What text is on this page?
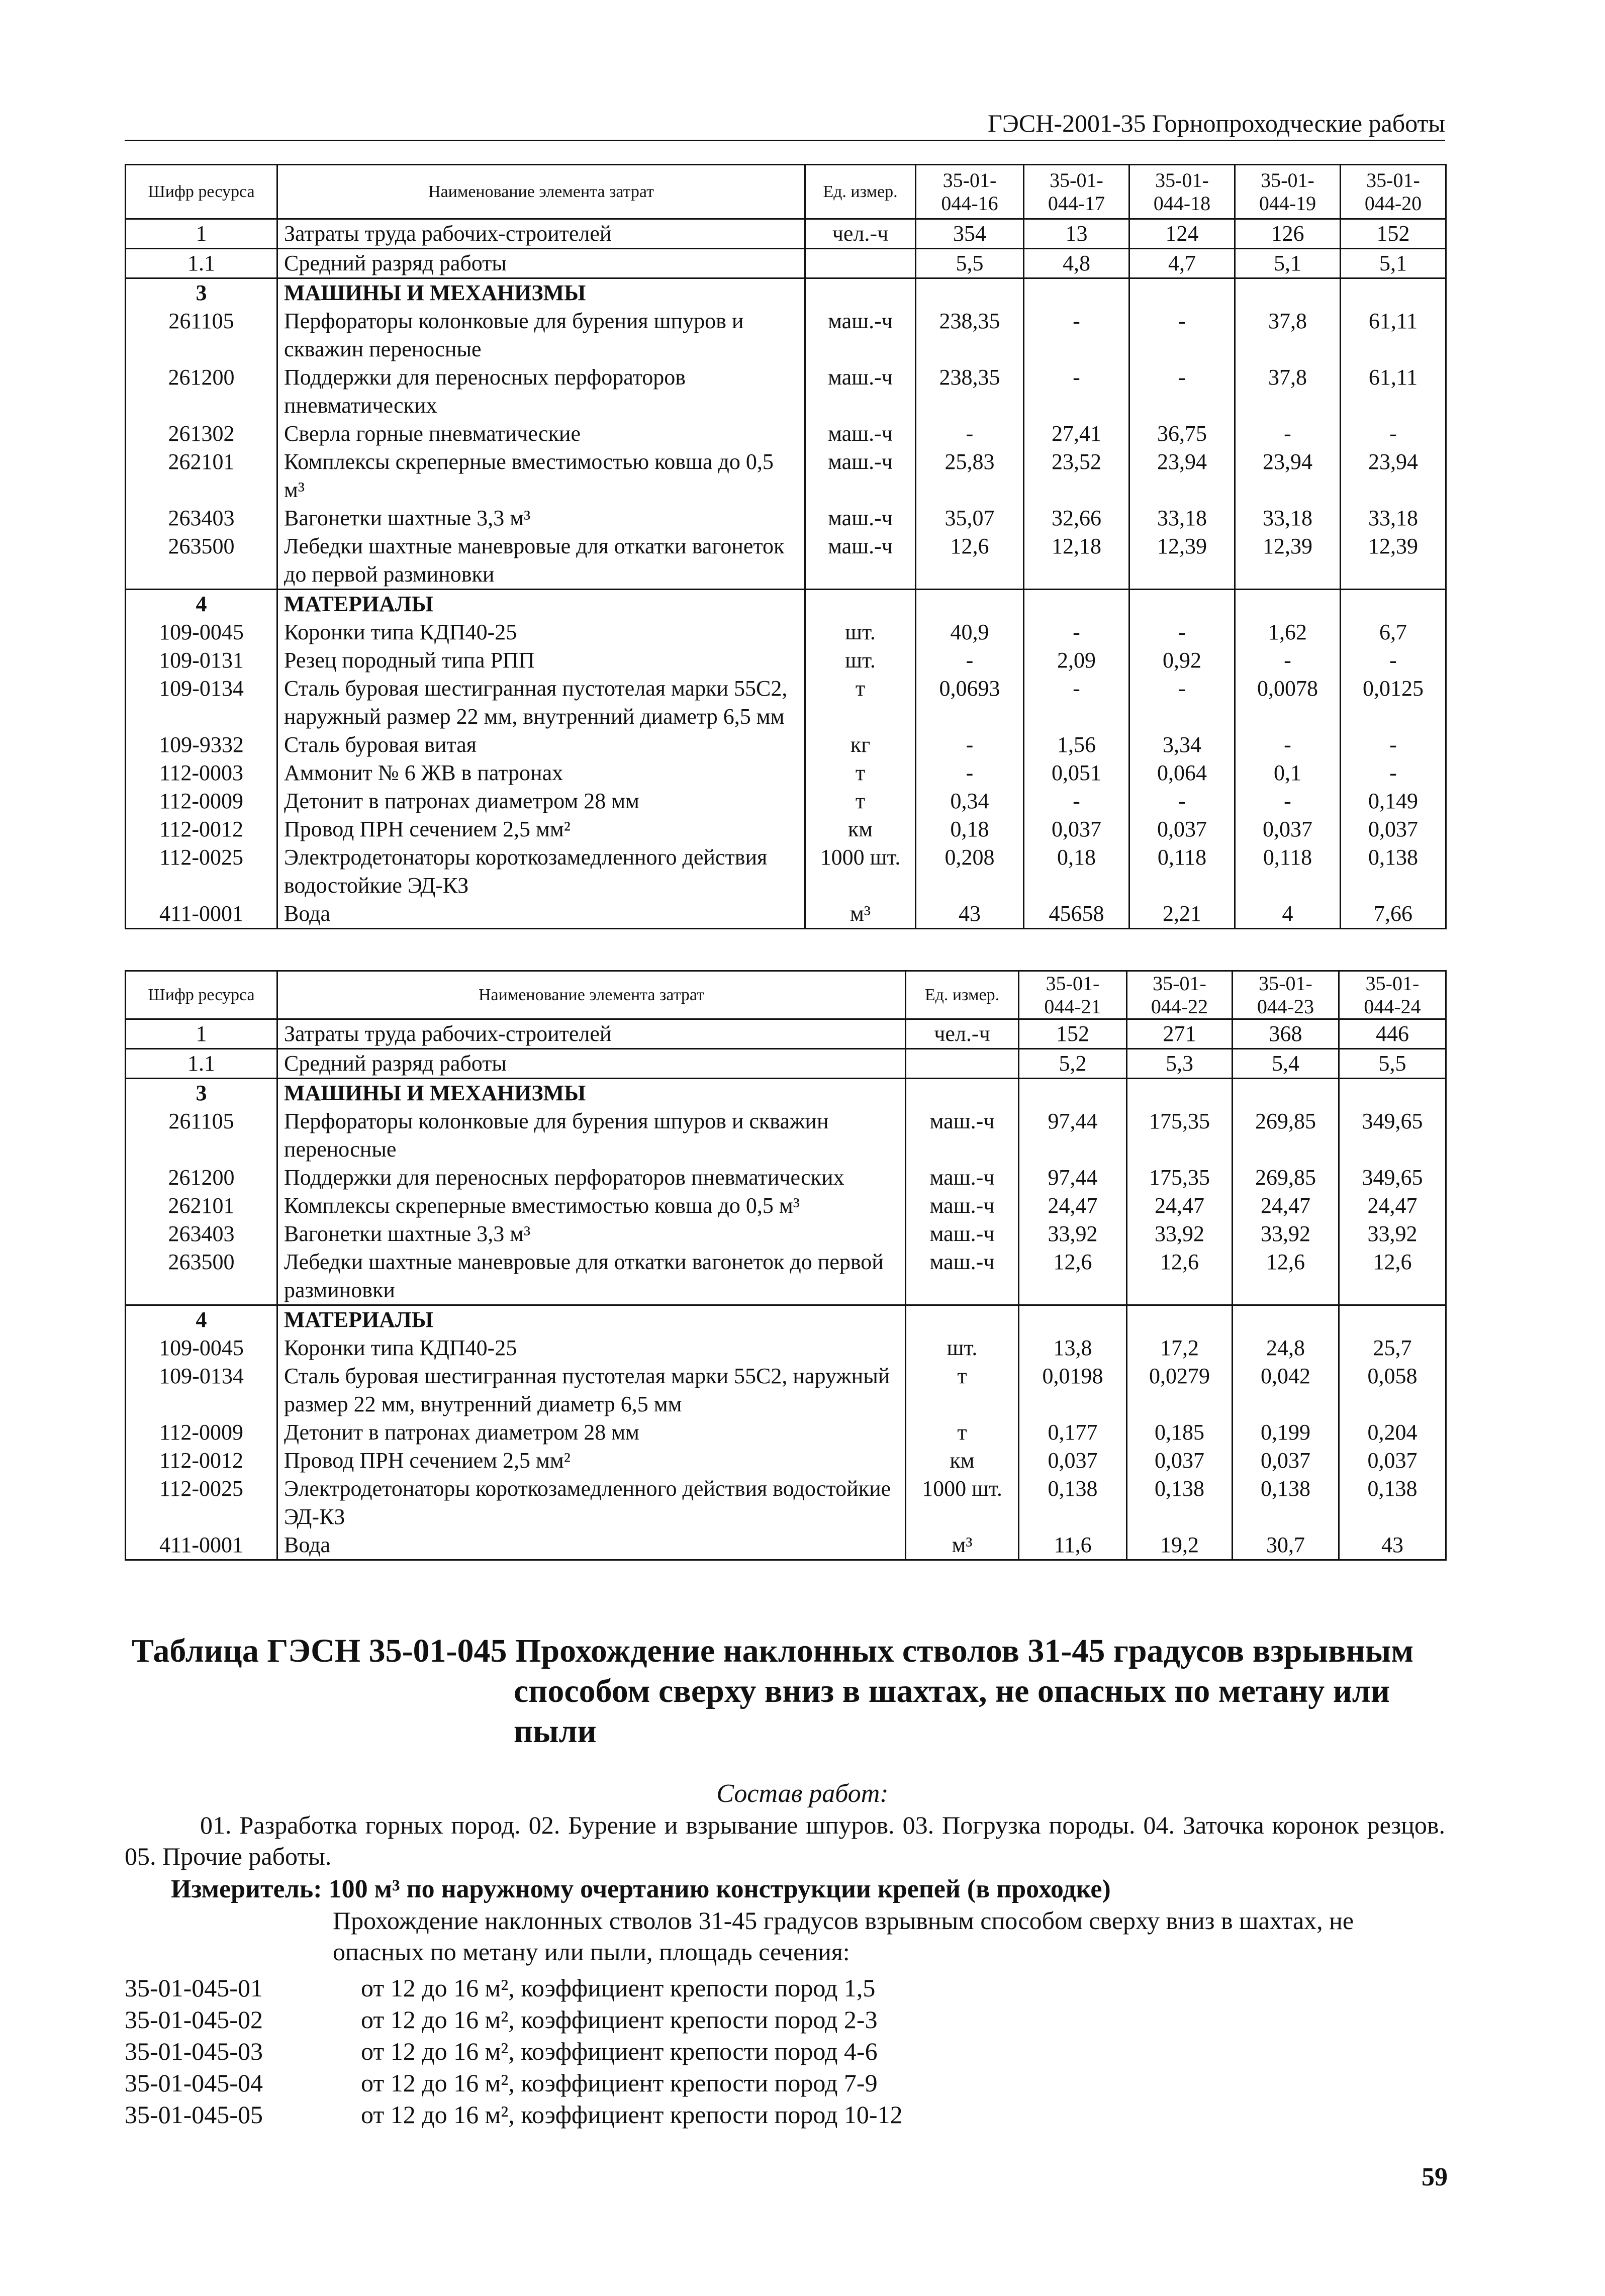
ГЭСН-2001-35 Горнопроходческие работы
Шифр ресурса	Наименование элемента затрат	Ед. измер.	35-01-
044-16	35-01-
044-17	35-01-
044-18	35-01-
044-19	35-01-
044-20
1	Затраты труда рабочих-строителей	чел.-ч	354	13	124	126	152
1.1	Средний разряд работы		5,5	4,8	4,7	5,1	5,1
3	МАШИНЫ И МЕХАНИЗМЫ						
261105	Перфораторы колонковые для бурения шпуров и скважин переносные	маш.-ч	238,35	-	-	37,8	61,11
261200	Поддержки для переносных перфораторов пневматических	маш.-ч	238,35	-	-	37,8	61,11
261302	Сверла горные пневматические	маш.-ч	-	27,41	36,75	-	-
262101	Комплексы скреперные вместимостью ковша до 0,5 м³	маш.-ч	25,83	23,52	23,94	23,94	23,94
263403	Вагонетки шахтные 3,3 м³	маш.-ч	35,07	32,66	33,18	33,18	33,18
263500	Лебедки шахтные маневровые для откатки вагонеток до первой разминовки	маш.-ч	12,6	12,18	12,39	12,39	12,39
4	МАТЕРИАЛЫ						
109-0045	Коронки типа КДП40-25	шт.	40,9	-	-	1,62	6,7
109-0131	Резец породный типа РПП	шт.	-	2,09	0,92	-	-
109-0134	Сталь буровая шестигранная пустотелая марки 55С2, наружный размер 22 мм, внутренний диаметр 6,5 мм	т	0,0693	-	-	0,0078	0,0125
109-9332	Сталь буровая витая	кг	-	1,56	3,34	-	-
112-0003	Аммонит № 6 ЖВ в патронах	т	-	0,051	0,064	0,1	-
112-0009	Детонит в патронах диаметром 28 мм	т	0,34	-	-	-	0,149
112-0012	Провод ПРН сечением 2,5 мм²	км	0,18	0,037	0,037	0,037	0,037
112-0025	Электродетонаторы короткозамедленного действия водостойкие ЭД-КЗ	1000 шт.	0,208	0,18	0,118	0,118	0,138
411-0001	Вода	м³	43	45658	2,21	4	7,66
Шифр ресурса	Наименование элемента затрат	Ед. измер.	35-01-
044-21	35-01-
044-22	35-01-
044-23	35-01-
044-24
1	Затраты труда рабочих-строителей	чел.-ч	152	271	368	446
1.1	Средний разряд работы		5,2	5,3	5,4	5,5
3	МАШИНЫ И МЕХАНИЗМЫ					
261105	Перфораторы колонковые для бурения шпуров и скважин переносные	маш.-ч	97,44	175,35	269,85	349,65
261200	Поддержки для переносных перфораторов пневматических	маш.-ч	97,44	175,35	269,85	349,65
262101	Комплексы скреперные вместимостью ковша до 0,5 м³	маш.-ч	24,47	24,47	24,47	24,47
263403	Вагонетки шахтные 3,3 м³	маш.-ч	33,92	33,92	33,92	33,92
263500	Лебедки шахтные маневровые для откатки вагонеток до первой разминовки	маш.-ч	12,6	12,6	12,6	12,6
4	МАТЕРИАЛЫ					
109-0045	Коронки типа КДП40-25	шт.	13,8	17,2	24,8	25,7
109-0134	Сталь буровая шестигранная пустотелая марки 55С2, наружный размер 22 мм, внутренний диаметр 6,5 мм	т	0,0198	0,0279	0,042	0,058
112-0009	Детонит в патронах диаметром 28 мм	т	0,177	0,185	0,199	0,204
112-0012	Провод ПРН сечением 2,5 мм²	км	0,037	0,037	0,037	0,037
112-0025	Электродетонаторы короткозамедленного действия водостойкие ЭД-КЗ	1000 шт.	0,138	0,138	0,138	0,138
411-0001	Вода	м³	11,6	19,2	30,7	43
Таблица ГЭСН 35-01-045 Прохождение наклонных стволов 31-45 градусов взрывным
способом сверху вниз в шахтах, не опасных по метану или пыли
Состав работ:
01. Разработка горных пород. 02. Бурение и взрывание шпуров. 03. Погрузка породы. 04. Заточка коронок резцов. 05. Прочие работы.
Измеритель: 100 м³ по наружному очертанию конструкции крепей (в проходке)
Прохождение наклонных стволов 31-45 градусов взрывным способом сверху вниз в шахтах, не опасных по метану или пыли, площадь сечения:
35-01-045-01	от 12 до 16 м², коэффициент крепости пород 1,5
35-01-045-02	от 12 до 16 м², коэффициент крепости пород 2-3
35-01-045-03	от 12 до 16 м², коэффициент крепости пород 4-6
35-01-045-04	от 12 до 16 м², коэффициент крепости пород 7-9
35-01-045-05	от 12 до 16 м², коэффициент крепости пород 10-12
59
